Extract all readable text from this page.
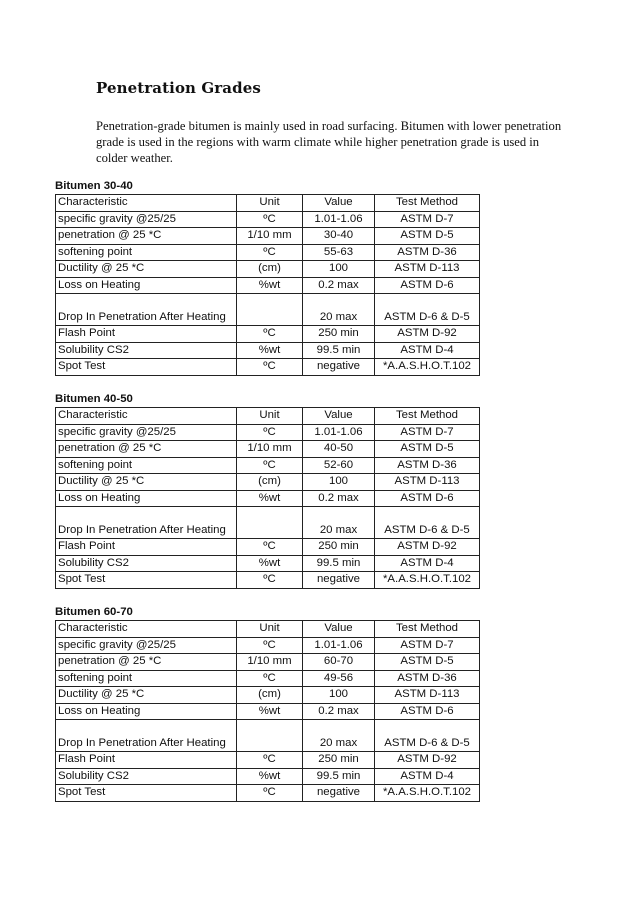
Penetration Grades
Penetration-grade bitumen is mainly used in road surfacing. Bitumen with lower penetration grade is used in the regions with warm climate while higher penetration grade is used in colder weather.
Bitumen 30-40
Characteristic	Unit	Value	Test Method
specific gravity @25/25	ºC	1.01-1.06	ASTM D-7
penetration @ 25 *C	1/10 mm	30-40	ASTM D-5
softening point	ºC	55-63	ASTM D-36
Ductility @ 25 *C	(cm)	100	ASTM D-113
Loss on Heating	%wt	0.2 max	ASTM D-6

Drop In Penetration After Heating		20 max	ASTM D-6 & D-5
Flash Point	ºC	250 min	ASTM D-92
Solubility CS2	%wt	99.5 min	ASTM D-4
Spot Test	ºC	negative	*A.A.S.H.O.T.102
Bitumen 40-50
Characteristic	Unit	Value	Test Method
specific gravity @25/25	ºC	1.01-1.06	ASTM D-7
penetration @ 25 *C	1/10 mm	40-50	ASTM D-5
softening point	ºC	52-60	ASTM D-36
Ductility @ 25 *C	(cm)	100	ASTM D-113
Loss on Heating	%wt	0.2 max	ASTM D-6

Drop In Penetration After Heating		20 max	ASTM D-6 & D-5
Flash Point	ºC	250 min	ASTM D-92
Solubility CS2	%wt	99.5 min	ASTM D-4
Spot Test	ºC	negative	*A.A.S.H.O.T.102
Bitumen 60-70
Characteristic	Unit	Value	Test Method
specific gravity @25/25	ºC	1.01-1.06	ASTM D-7
penetration @ 25 *C	1/10 mm	60-70	ASTM D-5
softening point	ºC	49-56	ASTM D-36
Ductility @ 25 *C	(cm)	100	ASTM D-113
Loss on Heating	%wt	0.2 max	ASTM D-6

Drop In Penetration After Heating		20 max	ASTM D-6 & D-5
Flash Point	ºC	250 min	ASTM D-92
Solubility CS2	%wt	99.5 min	ASTM D-4
Spot Test	ºC	negative	*A.A.S.H.O.T.102
